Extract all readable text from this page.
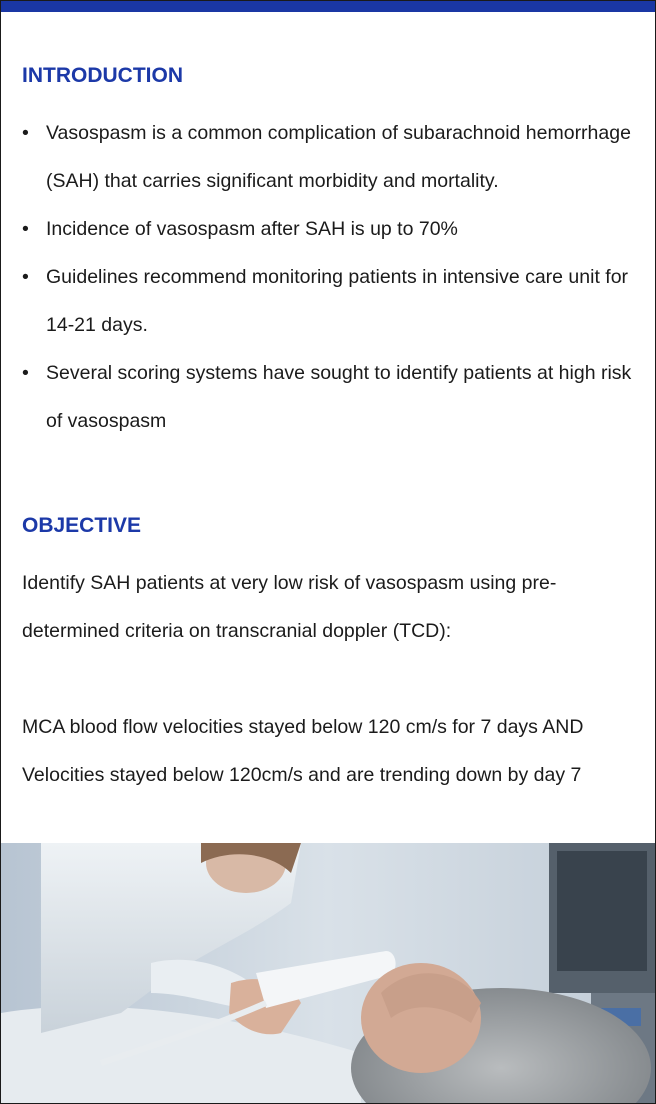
INTRODUCTION
• Vasospasm is a common complication of subarachnoid hemorrhage (SAH) that carries significant morbidity and mortality.
• Incidence of vasospasm after SAH is up to 70%
• Guidelines recommend monitoring patients in intensive care unit for 14-21 days.
• Several scoring systems have sought to identify patients at high risk of vasospasm
OBJECTIVE

Identify SAH patients at very low risk of vasospasm using pre-determined criteria on transcranial doppler (TCD):

MCA blood flow velocities stayed below 120 cm/s for 7 days AND

Velocities stayed below 120cm/s and are trending down by day 7
